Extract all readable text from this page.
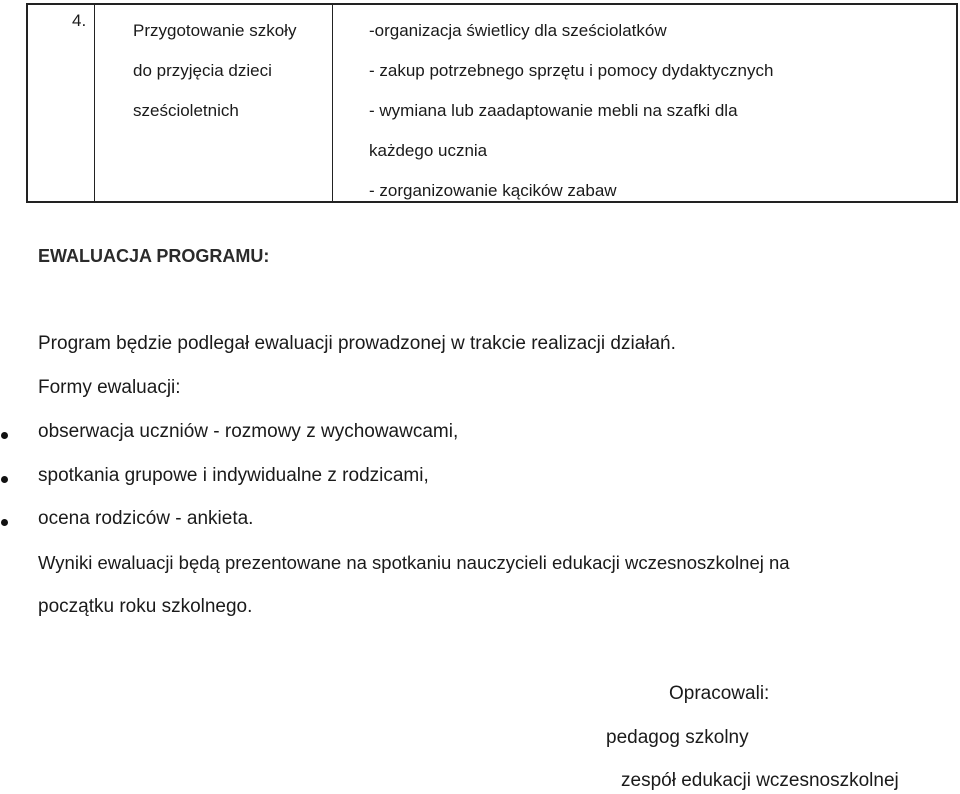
4.
Przygotowanie szkoły
do przyjęcia dzieci
sześcioletnich
-organizacja świetlicy dla sześciolatków
- zakup potrzebnego sprzętu i pomocy dydaktycznych
- wymiana lub zaadaptowanie mebli na szafki dla
każdego ucznia
- zorganizowanie kącików zabaw
EWALUACJA PROGRAMU:
Program będzie podlegał ewaluacji prowadzonej w trakcie realizacji działań.
Formy ewaluacji:
obserwacja uczniów - rozmowy z wychowawcami,
spotkania grupowe i indywidualne z rodzicami,
ocena rodziców - ankieta.
Wyniki ewaluacji będą prezentowane na spotkaniu nauczycieli edukacji wczesnoszkolnej na
początku roku szkolnego.
Opracowali:
pedagog szkolny
zespół edukacji wczesnoszkolnej
